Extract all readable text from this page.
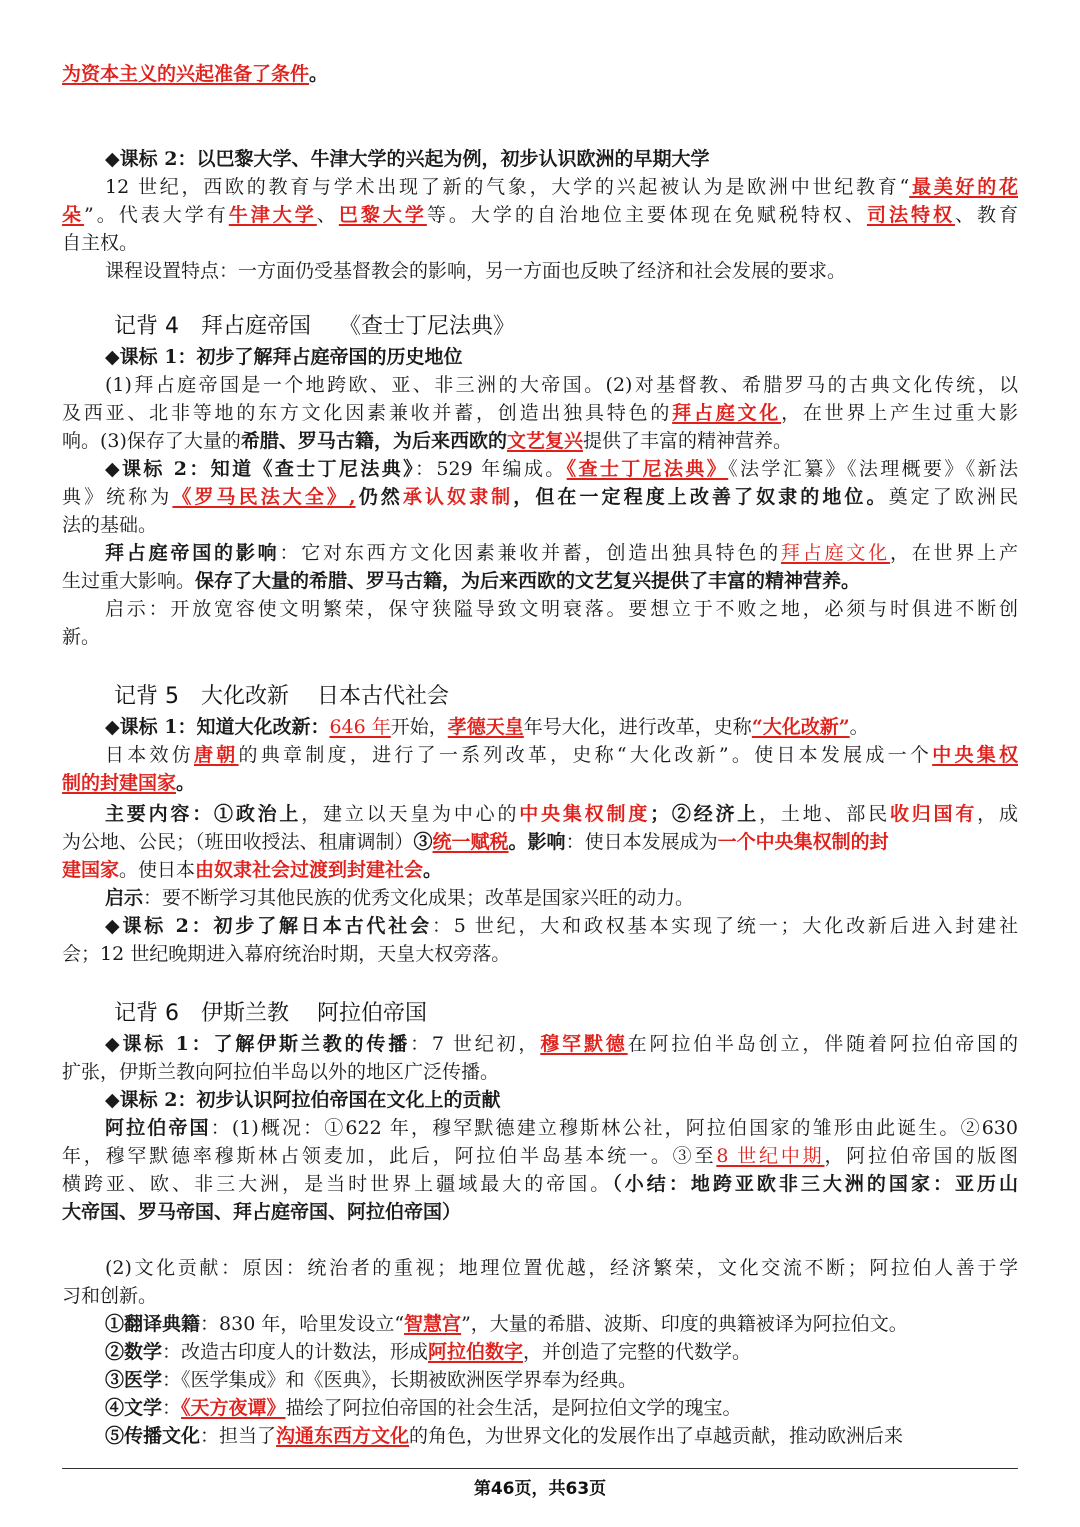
为资本主义的兴起准备了条件。
◆课标 2：以巴黎大学、牛津大学的兴起为例，初步认识欧洲的早期大学
12 世纪，西欧的教育与学术出现了新的气象，大学的兴起被认为是欧洲中世纪教育“最美好的花
朵”。代表大学有牛津大学、巴黎大学等。大学的自治地位主要体现在免赋税特权、司法特权、教育
自主权。
课程设置特点：一方面仍受基督教会的影响，另一方面也反映了经济和社会发展的要求。
记背 4 拜占庭帝国 《查士丁尼法典》
◆课标 1：初步了解拜占庭帝国的历史地位
(1)拜占庭帝国是一个地跨欧、亚、非三洲的大帝国。(2)对基督教、希腊罗马的古典文化传统，以
及西亚、北非等地的东方文化因素兼收并蓄，创造出独具特色的拜占庭文化，在世界上产生过重大影
响。(3)保存了大量的希腊、罗马古籍，为后来西欧的文艺复兴提供了丰富的精神营养。
◆课标 2：知道《查士丁尼法典》：529 年编成。《查士丁尼法典》《法学汇纂》《法理概要》《新法
典》统称为《罗马民法大全》,仍然承认奴隶制，但在一定程度上改善了奴隶的地位。奠定了欧洲民
法的基础。
拜占庭帝国的影响：它对东西方文化因素兼收并蓄，创造出独具特色的拜占庭文化，在世界上产
生过重大影响。保存了大量的希腊、罗马古籍，为后来西欧的文艺复兴提供了丰富的精神营养。
启示：开放宽容使文明繁荣，保守狭隘导致文明衰落。要想立于不败之地，必须与时俱进不断创
新。
记背 5 大化改新 日本古代社会
◆课标 1：知道大化改新：646 年开始，孝德天皇年号大化，进行改革，史称“大化改新”。
日本效仿唐朝的典章制度，进行了一系列改革，史称“大化改新”。使日本发展成一个中央集权
制的封建国家。
主要内容：①政治上，建立以天皇为中心的中央集权制度；②经济上，土地、部民收归国有，成
为公地、公民；（班田收授法、租庸调制）③统一赋税。影响：使日本发展成为一个中央集权制的封
建国家。使日本由奴隶社会过渡到封建社会。
启示：要不断学习其他民族的优秀文化成果；改革是国家兴旺的动力。
◆课标 2：初步了解日本古代社会：5 世纪，大和政权基本实现了统一；大化改新后进入封建社
会；12 世纪晚期进入幕府统治时期，天皇大权旁落。
记背 6 伊斯兰教 阿拉伯帝国
◆课标 1：了解伊斯兰教的传播：7 世纪初，穆罕默德在阿拉伯半岛创立，伴随着阿拉伯帝国的
扩张，伊斯兰教向阿拉伯半岛以外的地区广泛传播。
◆课标 2：初步认识阿拉伯帝国在文化上的贡献
阿拉伯帝国：(1)概况：①622 年，穆罕默德建立穆斯林公社，阿拉伯国家的雏形由此诞生。②630
年，穆罕默德率穆斯林占领麦加，此后，阿拉伯半岛基本统一。③至8 世纪中期，阿拉伯帝国的版图
横跨亚、欧、非三大洲，是当时世界上疆域最大的帝国。（小结：地跨亚欧非三大洲的国家：亚历山
大帝国、罗马帝国、拜占庭帝国、阿拉伯帝国）
(2)文化贡献：原因：统治者的重视；地理位置优越，经济繁荣，文化交流不断；阿拉伯人善于学
习和创新。
①翻译典籍：830 年，哈里发设立“智慧宫”，大量的希腊、波斯、印度的典籍被译为阿拉伯文。
②数学：改造古印度人的计数法，形成阿拉伯数字，并创造了完整的代数学。
③医学：《医学集成》和《医典》，长期被欧洲医学界奉为经典。
④文学：《天方夜谭》描绘了阿拉伯帝国的社会生活，是阿拉伯文学的瑰宝。
⑤传播文化：担当了沟通东西方文化的角色，为世界文化的发展作出了卓越贡献，推动欧洲后来
第46页，共63页
